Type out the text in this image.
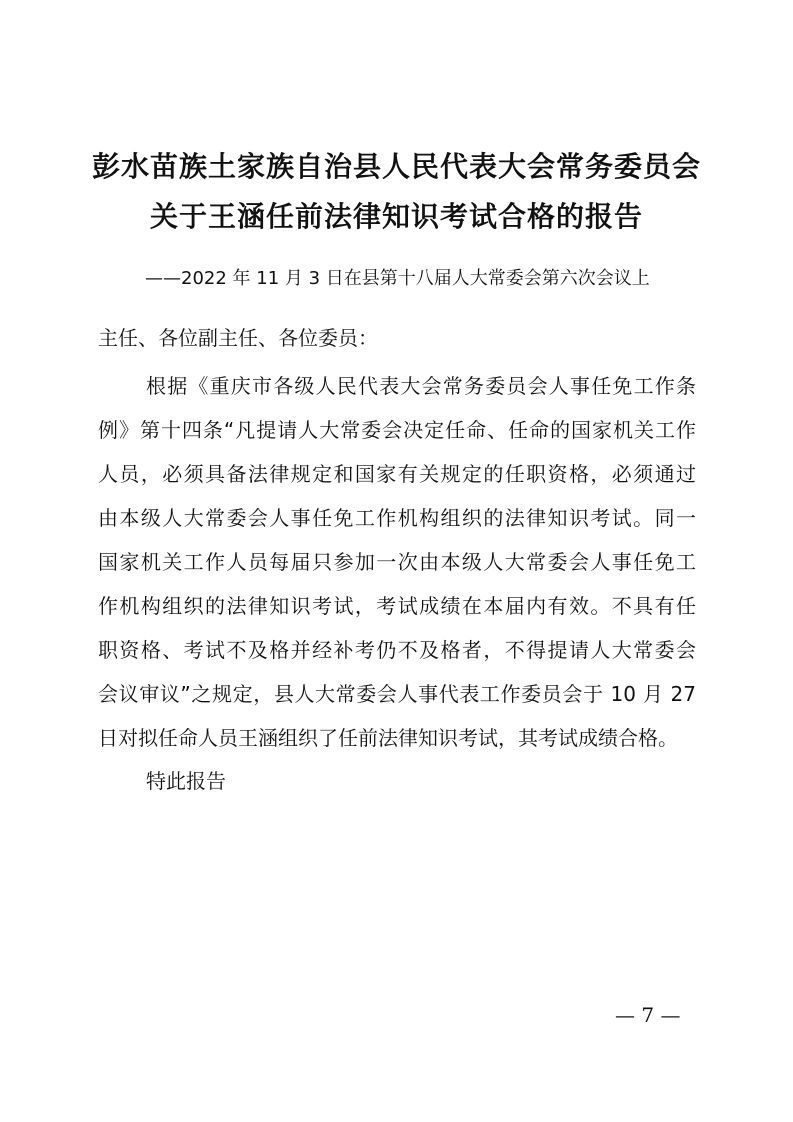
彭水苗族土家族自治县人民代表大会常务委员会
关于王涵任前法律知识考试合格的报告
——2022 年 11 月 3 日在县第十八届人大常委会第六次会议上
主任、各位副主任、各位委员：
根据《重庆市各级人民代表大会常务委员会人事任免工作条
例》第十四条“凡提请人大常委会决定任命、任命的国家机关工作
人员，必须具备法律规定和国家有关规定的任职资格，必须通过
由本级人大常委会人事任免工作机构组织的法律知识考试。同一
国家机关工作人员每届只参加一次由本级人大常委会人事任免工
作机构组织的法律知识考试，考试成绩在本届内有效。不具有任
职资格、考试不及格并经补考仍不及格者，不得提请人大常委会
会议审议”之规定，县人大常委会人事代表工作委员会于 10 月 27
日对拟任命人员王涵组织了任前法律知识考试，其考试成绩合格。
特此报告
— 7 —
